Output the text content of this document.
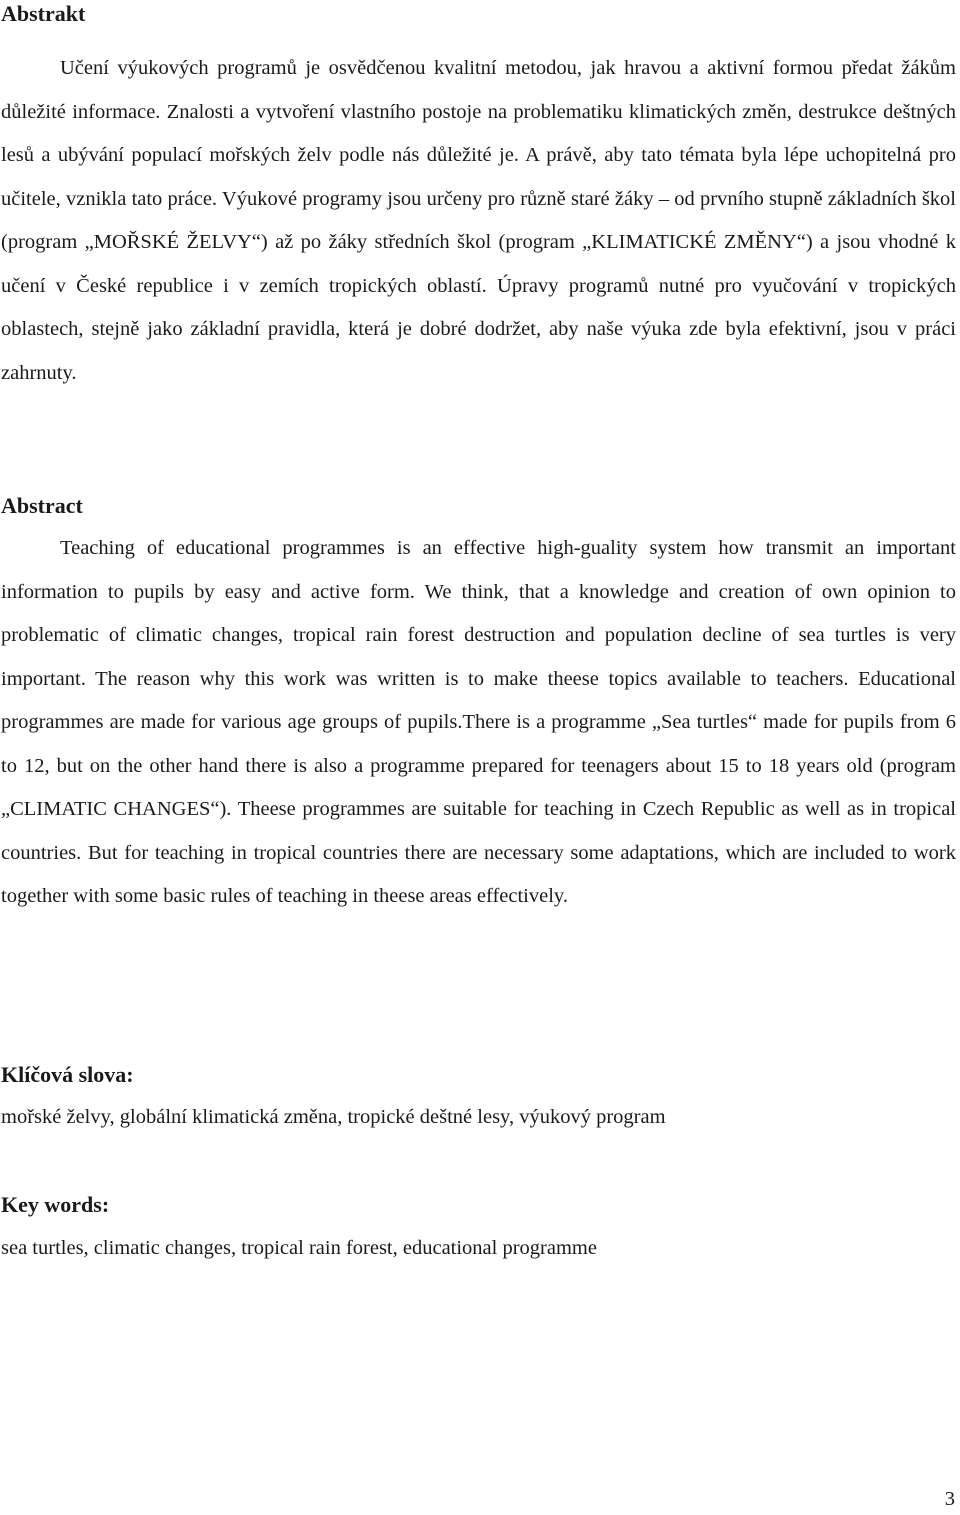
Abstrakt

Učení výukových programů je osvědčenou kvalitní metodou, jak hravou a aktivní formou předat žákům důležité informace. Znalosti a vytvoření vlastního postoje na problematiku klimatických změn, destrukce deštných lesů a ubývání populací mořských želv podle nás důležité je. A právě, aby tato témata byla lépe uchopitelná pro učitele, vznikla tato práce. Výukové programy jsou určeny pro různě staré žáky – od prvního stupně základních škol (program „MOŘSKÉ ŽELVY“) až po žáky středních škol (program „KLIMATICKÉ ZMĚNY“) a jsou vhodné k učení v České republice i v zemích tropických oblastí. Úpravy programů nutné pro vyučování v tropických oblastech, stejně jako základní pravidla, která je dobré dodržet, aby naše výuka zde byla efektivní, jsou v práci zahrnuty.

Abstract

Teaching of educational programmes is an effective high-guality system how transmit an important information to pupils by easy and active form. We think, that a knowledge and creation of own opinion to problematic of climatic changes, tropical rain forest destruction and population decline of sea turtles is very important. The reason why this work was written is to make theese topics available to teachers. Educational programmes are made for various age groups of pupils.There is a programme „Sea turtles“ made for pupils from 6 to 12, but on the other hand there is also a programme prepared for teenagers about 15 to 18 years old (program „CLIMATIC CHANGES“). Theese programmes are suitable for teaching in Czech Republic as well as in tropical countries. But for teaching in tropical countries there are necessary some adaptations, which are included to work together with some basic rules of teaching in theese areas effectively.

Klíčová slova:

mořské želvy, globální klimatická změna, tropické deštné lesy, výukový program

Key words:

sea turtles, climatic changes, tropical rain forest, educational programme

3
